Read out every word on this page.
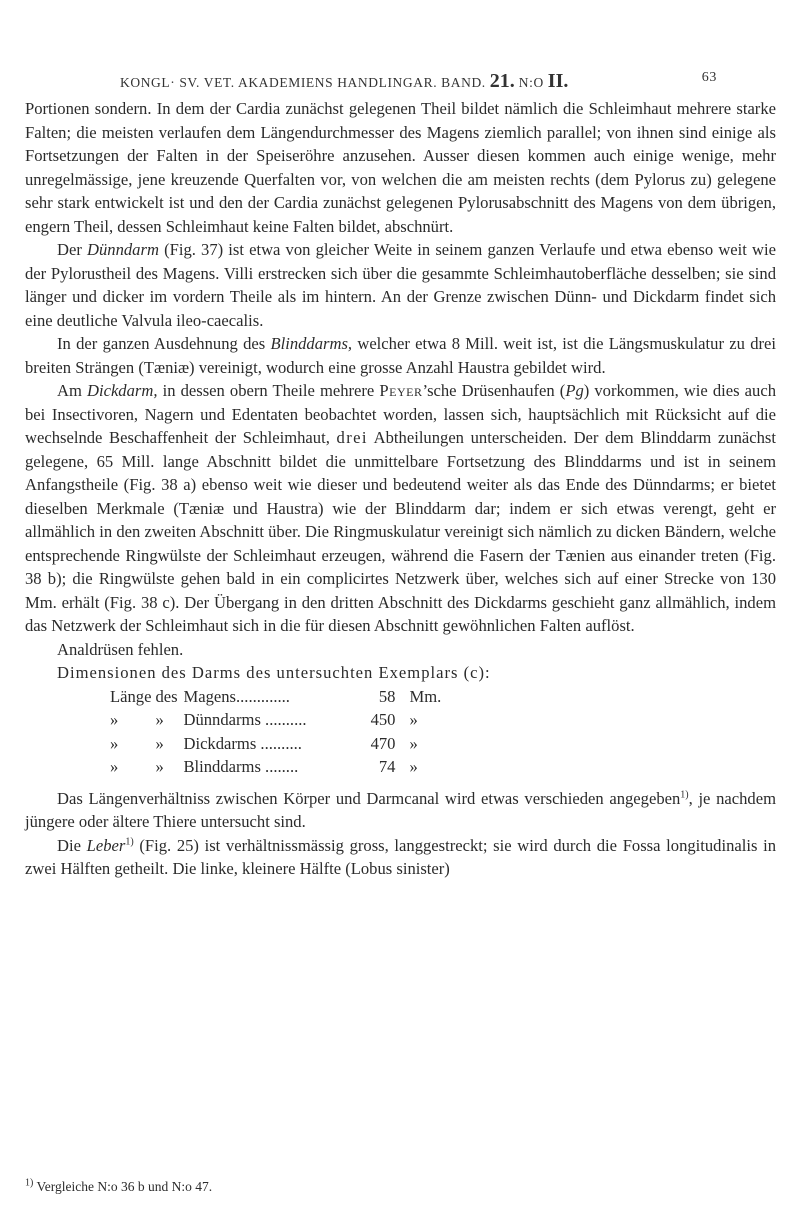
KONGL· SV. VET. AKADEMIENS HANDLINGAR. BAND. 21. N:O II.	63

Portionen sondern. In dem der Cardia zunächst gelegenen Theil bildet nämlich die Schleimhaut mehrere starke Falten; die meisten verlaufen dem Längendurchmesser des Magens ziemlich parallel; von ihnen sind einige als Fortsetzungen der Falten in der Speiseröhre anzusehen. Ausser diesen kommen auch einige wenige, mehr unregelmässige, jene kreuzende Querfalten vor, von welchen die am meisten rechts (dem Pylorus zu) gelegene sehr stark entwickelt ist und den der Cardia zunächst gelegenen Pylorusabschnitt des Magens von dem übrigen, engern Theil, dessen Schleimhaut keine Falten bildet, abschnürt.

Der Dünndarm (Fig. 37) ist etwa von gleicher Weite in seinem ganzen Verlaufe und etwa ebenso weit wie der Pylorustheil des Magens. Villi erstrecken sich über die gesammte Schleimhautoberfläche desselben; sie sind länger und dicker im vordern Theile als im hintern. An der Grenze zwischen Dünn- und Dickdarm findet sich eine deutliche Valvula ileo-caecalis.

In der ganzen Ausdehnung des Blinddarms, welcher etwa 8 Mill. weit ist, ist die Längsmuskulatur zu drei breiten Strängen (Tæniæ) vereinigt, wodurch eine grosse Anzahl Haustra gebildet wird.

Am Dickdarm, in dessen obern Theile mehrere Peyer’sche Drüsenhaufen (Pg) vorkommen, wie dies auch bei Insectivoren, Nagern und Edentaten beobachtet worden, lassen sich, hauptsächlich mit Rücksicht auf die wechselnde Beschaffenheit der Schleimhaut, drei Abtheilungen unterscheiden. Der dem Blinddarm zunächst gelegene, 65 Mill. lange Abschnitt bildet die unmittelbare Fortsetzung des Blinddarms und ist in seinem Anfangstheile (Fig. 38 a) ebenso weit wie dieser und bedeutend weiter als das Ende des Dünndarms; er bietet dieselben Merkmale (Tæniæ und Haustra) wie der Blinddarm dar; indem er sich etwas verengt, geht er allmählich in den zweiten Abschnitt über. Die Ringmuskulatur vereinigt sich nämlich zu dicken Bändern, welche entsprechende Ringwülste der Schleimhaut erzeugen, während die Fasern der Tænien aus einander treten (Fig. 38 b); die Ringwülste gehen bald in ein complicirtes Netzwerk über, welches sich auf einer Strecke von 130 Mm. erhält (Fig. 38 c). Der Übergang in den dritten Abschnitt des Dickdarms geschieht ganz allmählich, indem das Netzwerk der Schleimhaut sich in die für diesen Abschnitt gewöhnlichen Falten auflöst.

Analdrüsen fehlen.

Dimensionen des Darms des untersuchten Exemplars (c):

Länge	des	Magens.............	58	Mm.
»	»	Dünndarms ..........	450	»
»	»	Dickdarms ..........	470	»
»	»	Blinddarms ........	74	»

Das Längenverhältniss zwischen Körper und Darmcanal wird etwas verschieden angegeben$^{1)}$, je nachdem jüngere oder ältere Thiere untersucht sind.

Die Leber$^{1)}$ (Fig. 25) ist verhältnissmässig gross, langgestreckt; sie wird durch die Fossa longitudinalis in zwei Hälften getheilt. Die linke, kleinere Hälfte (Lobus sinister)

$^{1)}$ Vergleiche N:o 36 b und N:o 47.
